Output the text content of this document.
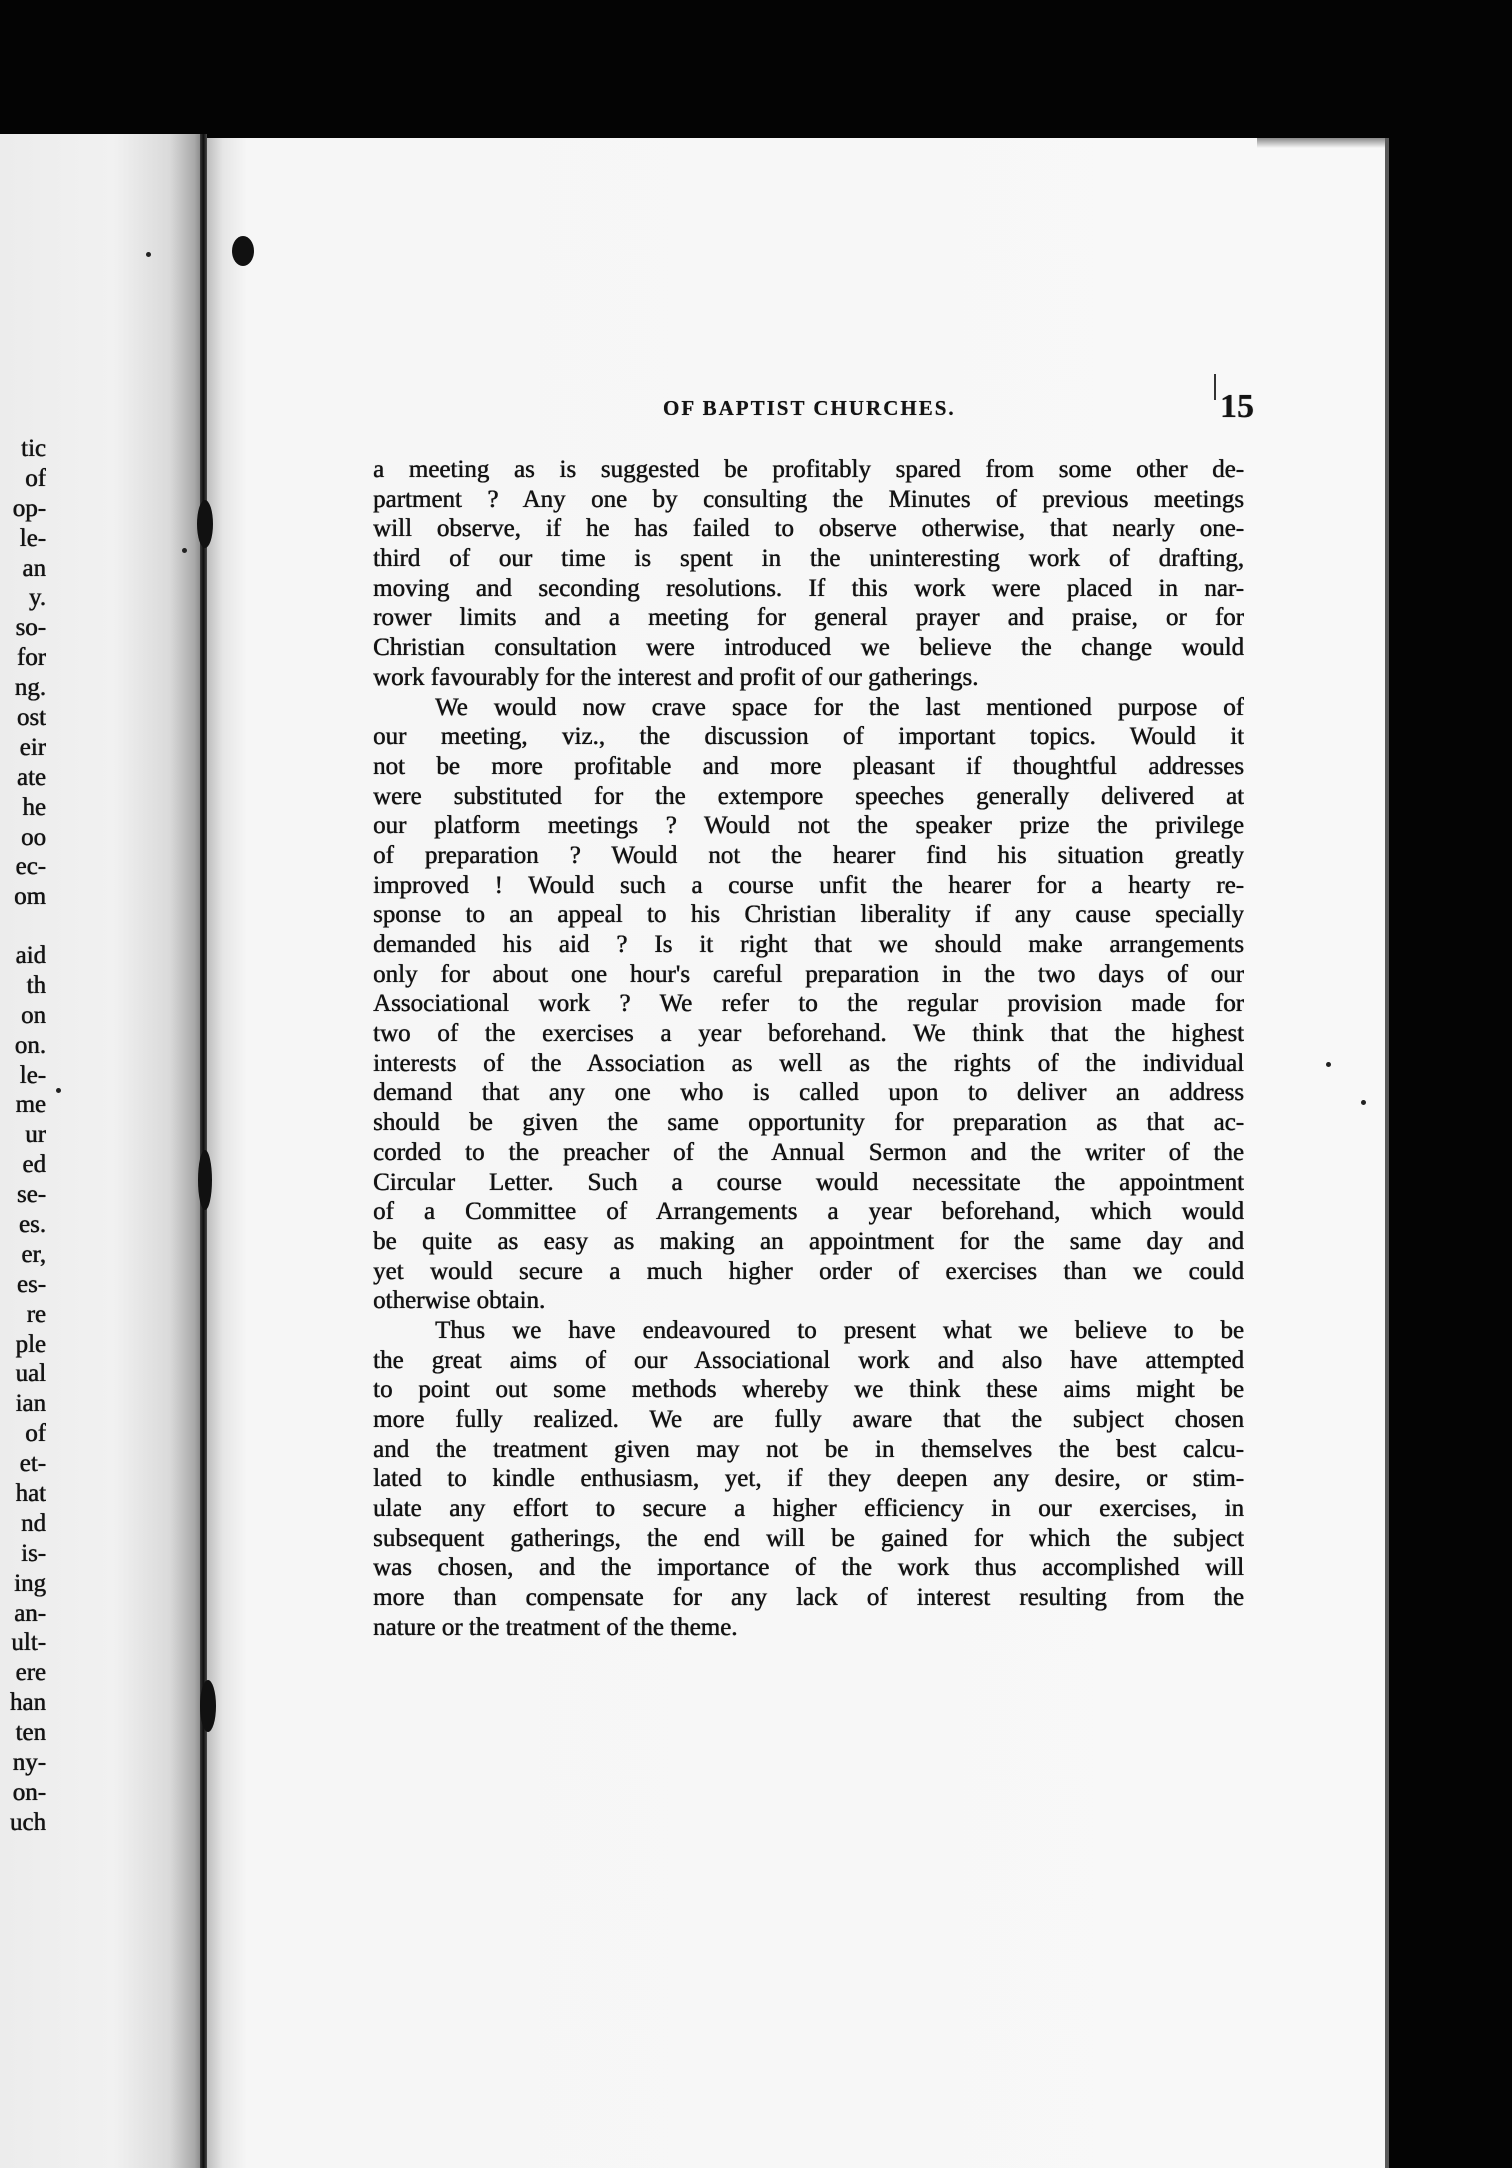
tic
of
op-
le-
an
y.
so-
for
ng.
ost
eir
ate
he
oo
ec-
om
aid
th
on
on.
le-
me
ur
ed
se-
es.
er,
es-
re
ple
ual
ian
of
et-
hat
nd
is-
ing
an-
ult-
ere
han
ten
ny-
on-
uch
OF BAPTIST CHURCHES.	15
a meeting as is suggested be profitably spared from some other de-
partment ? Any one by consulting the Minutes of previous meetings
will observe, if he has failed to observe otherwise, that nearly one-
third of our time is spent in the uninteresting work of drafting,
moving and seconding resolutions. If this work were placed in nar-
rower limits and a meeting for general prayer and praise, or for
Christian consultation were introduced we believe the change would
work favourably for the interest and profit of our gatherings.
We would now crave space for the last mentioned purpose of
our meeting, viz., the discussion of important topics. Would it
not be more profitable and more pleasant if thoughtful addresses
were substituted for the extempore speeches generally delivered at
our platform meetings ? Would not the speaker prize the privilege
of preparation ? Would not the hearer find his situation greatly
improved ! Would such a course unfit the hearer for a hearty re-
sponse to an appeal to his Christian liberality if any cause specially
demanded his aid ? Is it right that we should make arrangements
only for about one hour's careful preparation in the two days of our
Associational work ? We refer to the regular provision made for
two of the exercises a year beforehand. We think that the highest
interests of the Association as well as the rights of the individual
demand that any one who is called upon to deliver an address
should be given the same opportunity for preparation as that ac-
corded to the preacher of the Annual Sermon and the writer of the
Circular Letter. Such a course would necessitate the appointment
of a Committee of Arrangements a year beforehand, which would
be quite as easy as making an appointment for the same day and
yet would secure a much higher order of exercises than we could
otherwise obtain.
Thus we have endeavoured to present what we believe to be
the great aims of our Associational work and also have attempted
to point out some methods whereby we think these aims might be
more fully realized. We are fully aware that the subject chosen
and the treatment given may not be in themselves the best calcu-
lated to kindle enthusiasm, yet, if they deepen any desire, or stim-
ulate any effort to secure a higher efficiency in our exercises, in
subsequent gatherings, the end will be gained for which the subject
was chosen, and the importance of the work thus accomplished will
more than compensate for any lack of interest resulting from the
nature or the treatment of the theme.
